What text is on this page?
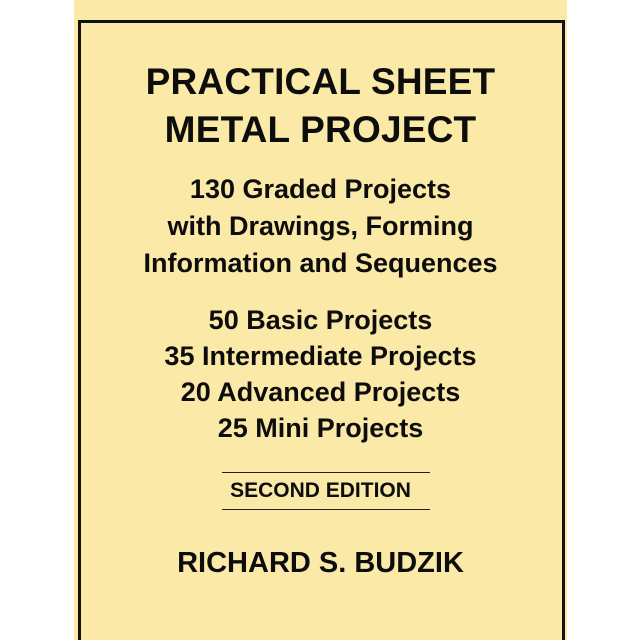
PRACTICAL SHEET
METAL PROJECT
130 Graded Projects
with Drawings, Forming
Information and Sequences
50 Basic Projects
35 Intermediate Projects
20 Advanced Projects
25 Mini Projects
SECOND EDITION
RICHARD S. BUDZIK
